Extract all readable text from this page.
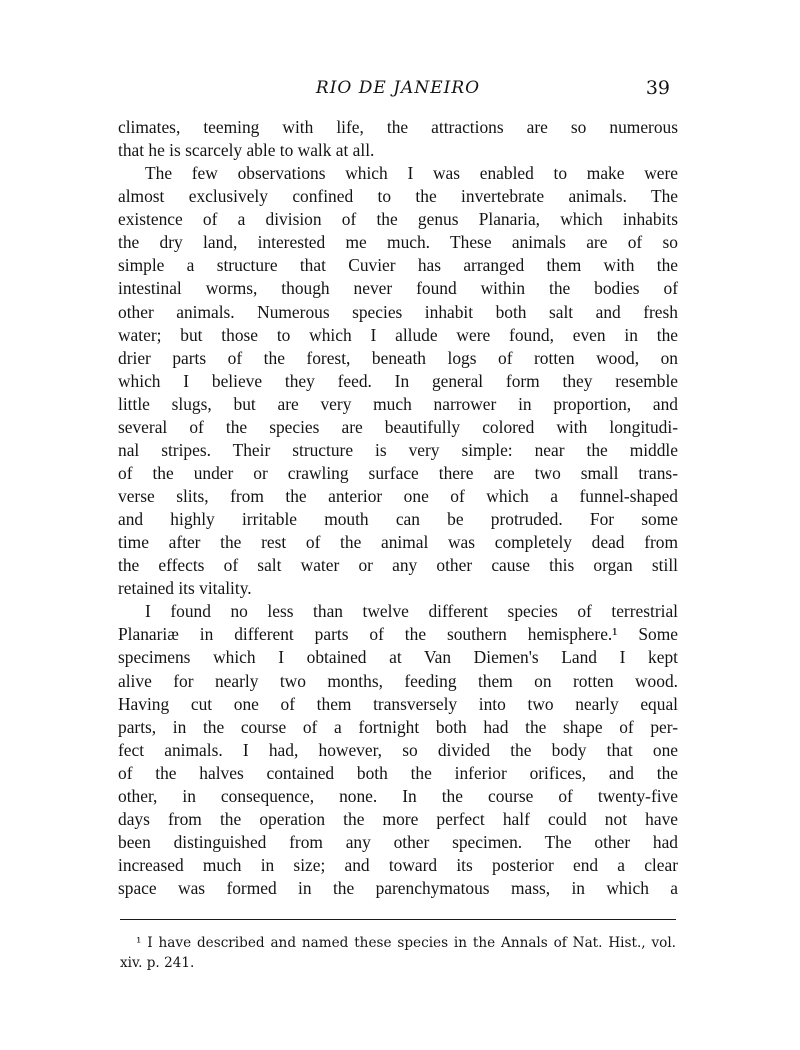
RIO DE JANEIRO	39
climates, teeming with life, the attractions are so numerous
that he is scarcely able to walk at all.
The few observations which I was enabled to make were
almost exclusively confined to the invertebrate animals. The
existence of a division of the genus Planaria, which inhabits
the dry land, interested me much. These animals are of so
simple a structure that Cuvier has arranged them with the
intestinal worms, though never found within the bodies of
other animals. Numerous species inhabit both salt and fresh
water; but those to which I allude were found, even in the
drier parts of the forest, beneath logs of rotten wood, on
which I believe they feed. In general form they resemble
little slugs, but are very much narrower in proportion, and
several of the species are beautifully colored with longitudi-
nal stripes. Their structure is very simple: near the middle
of the under or crawling surface there are two small trans-
verse slits, from the anterior one of which a funnel-shaped
and highly irritable mouth can be protruded. For some
time after the rest of the animal was completely dead from
the effects of salt water or any other cause this organ still
retained its vitality.
I found no less than twelve different species of terrestrial
Planariæ in different parts of the southern hemisphere.¹ Some
specimens which I obtained at Van Diemen's Land I kept
alive for nearly two months, feeding them on rotten wood.
Having cut one of them transversely into two nearly equal
parts, in the course of a fortnight both had the shape of per-
fect animals. I had, however, so divided the body that one
of the halves contained both the inferior orifices, and the
other, in consequence, none. In the course of twenty-five
days from the operation the more perfect half could not have
been distinguished from any other specimen. The other had
increased much in size; and toward its posterior end a clear
space was formed in the parenchymatous mass, in which a
¹ I have described and named these species in the Annals of Nat. Hist., vol.
xiv. p. 241.
